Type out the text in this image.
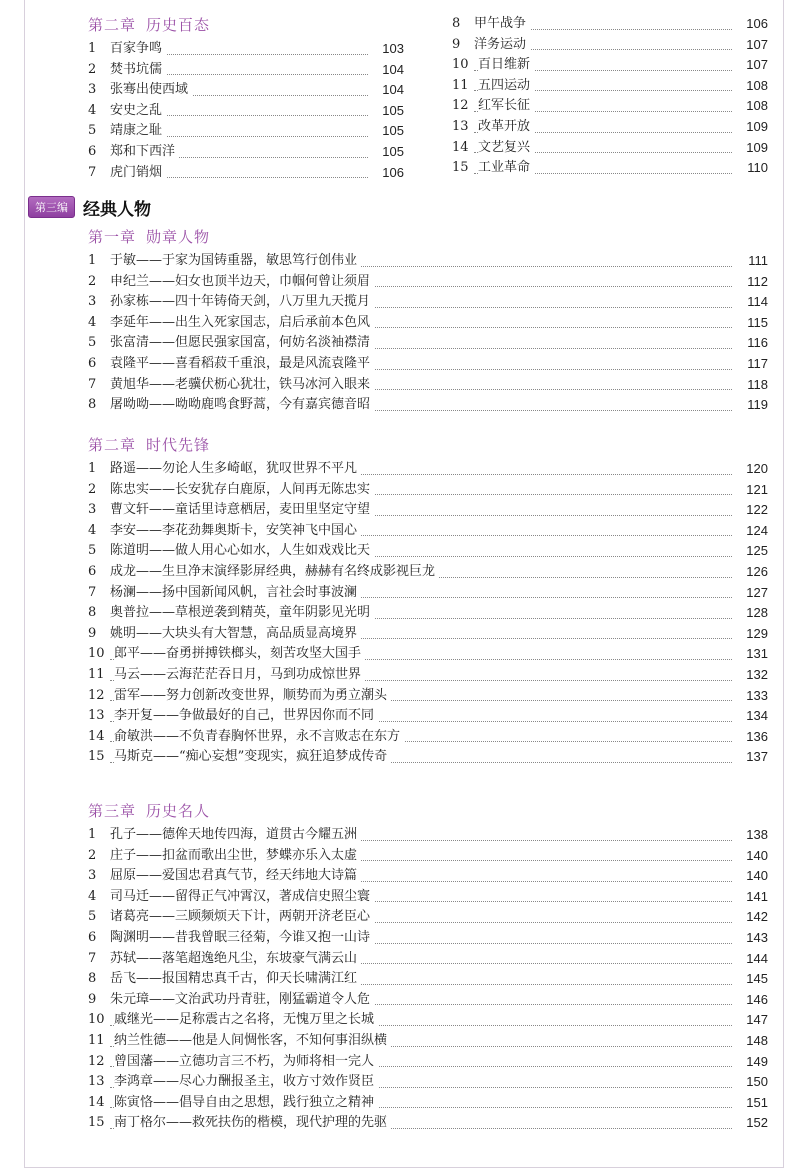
第二章 历史百态
1	百家争鸣	103
2	焚书坑儒	104
3	张骞出使西域	104
4	安史之乱	105
5	靖康之耻	105
6	郑和下西洋	105
7	虎门销烟	106
8	甲午战争	106
9	洋务运动	107
10 百日维新	107
11 五四运动	108
12 红军长征	108
13 改革开放	109
14 文艺复兴	109
15 工业革命	110
第三编 经典人物
第一章 勋章人物
1	于敏——于家为国铸重器，敏思笃行创伟业	111
2	申纪兰——妇女也顶半边天，巾帼何曾让须眉	112
3	孙家栋——四十年铸倚天剑，八万里九天揽月	114
4	李延年——出生入死家国志，启后承前本色风	115
5	张富清——但愿民强家国富，何妨名淡袖襟清	116
6	袁隆平——喜看稻菽千重浪，最是风流袁隆平	117
7	黄旭华——老骥伏枥心犹壮，铁马冰河入眼来	118
8	屠呦呦——呦呦鹿鸣食野蒿，今有嘉宾德音昭	119
第二章 时代先锋
1	路遥——勿论人生多崎岖，犹叹世界不平凡	120
2	陈忠实——长安犹存白鹿原，人间再无陈忠实	121
3	曹文轩——童话里诗意栖居，麦田里坚定守望	122
4	李安——李花劲舞奥斯卡，安笑神飞中国心	124
5	陈道明——做人用心心如水，人生如戏戏比天	125
6	成龙——生旦净末演绎影屏经典，赫赫有名终成影视巨龙	126
7	杨澜——扬中国新闻风帆，言社会时事波澜	127
8	奥普拉——草根逆袭到精英，童年阴影见光明	128
9	姚明——大块头有大智慧，高品质显高境界	129
10 郎平——奋勇拼搏铁榔头，刻苦攻坚大国手	131
11 马云——云海茫茫吞日月，马到功成惊世界	132
12 雷军——努力创新改变世界，顺势而为勇立潮头	133
13 李开复——争做最好的自己，世界因你而不同	134
14 俞敏洪——不负青春胸怀世界，永不言败志在东方	136
15 马斯克——“痴心妄想”变现实，疯狂追梦成传奇	137
第三章 历史名人
1	孔子——德侔天地传四海，道贯古今耀五洲	138
2	庄子——扣盆而歌出尘世，梦蝶亦乐入太虚	140
3	屈原——爱国忠君真气节，经天纬地大诗篇	140
4	司马迁——留得正气冲霄汉，著成信史照尘寰	141
5	诸葛亮——三顾频烦天下计，两朝开济老臣心	142
6	陶渊明——昔我曾眠三径菊，今谁又抱一山诗	143
7	苏轼——落笔超逸绝凡尘，东坡豪气满云山	144
8	岳飞——报国精忠真千古，仰天长啸满江红	145
9	朱元璋——文治武功丹青驻，刚猛霸道令人危	146
10 戚继光——足称震古之名将，无愧万里之长城	147
11 纳兰性德——他是人间惆怅客，不知何事泪纵横	148
12 曾国藩——立德功言三不朽，为师将相一完人	149
13 李鸿章——尽心力酬报圣主，收方寸效作贤臣	150
14 陈寅恪——倡导自由之思想，践行独立之精神	151
15 南丁格尔——救死扶伤的楷模，现代护理的先驱	152
